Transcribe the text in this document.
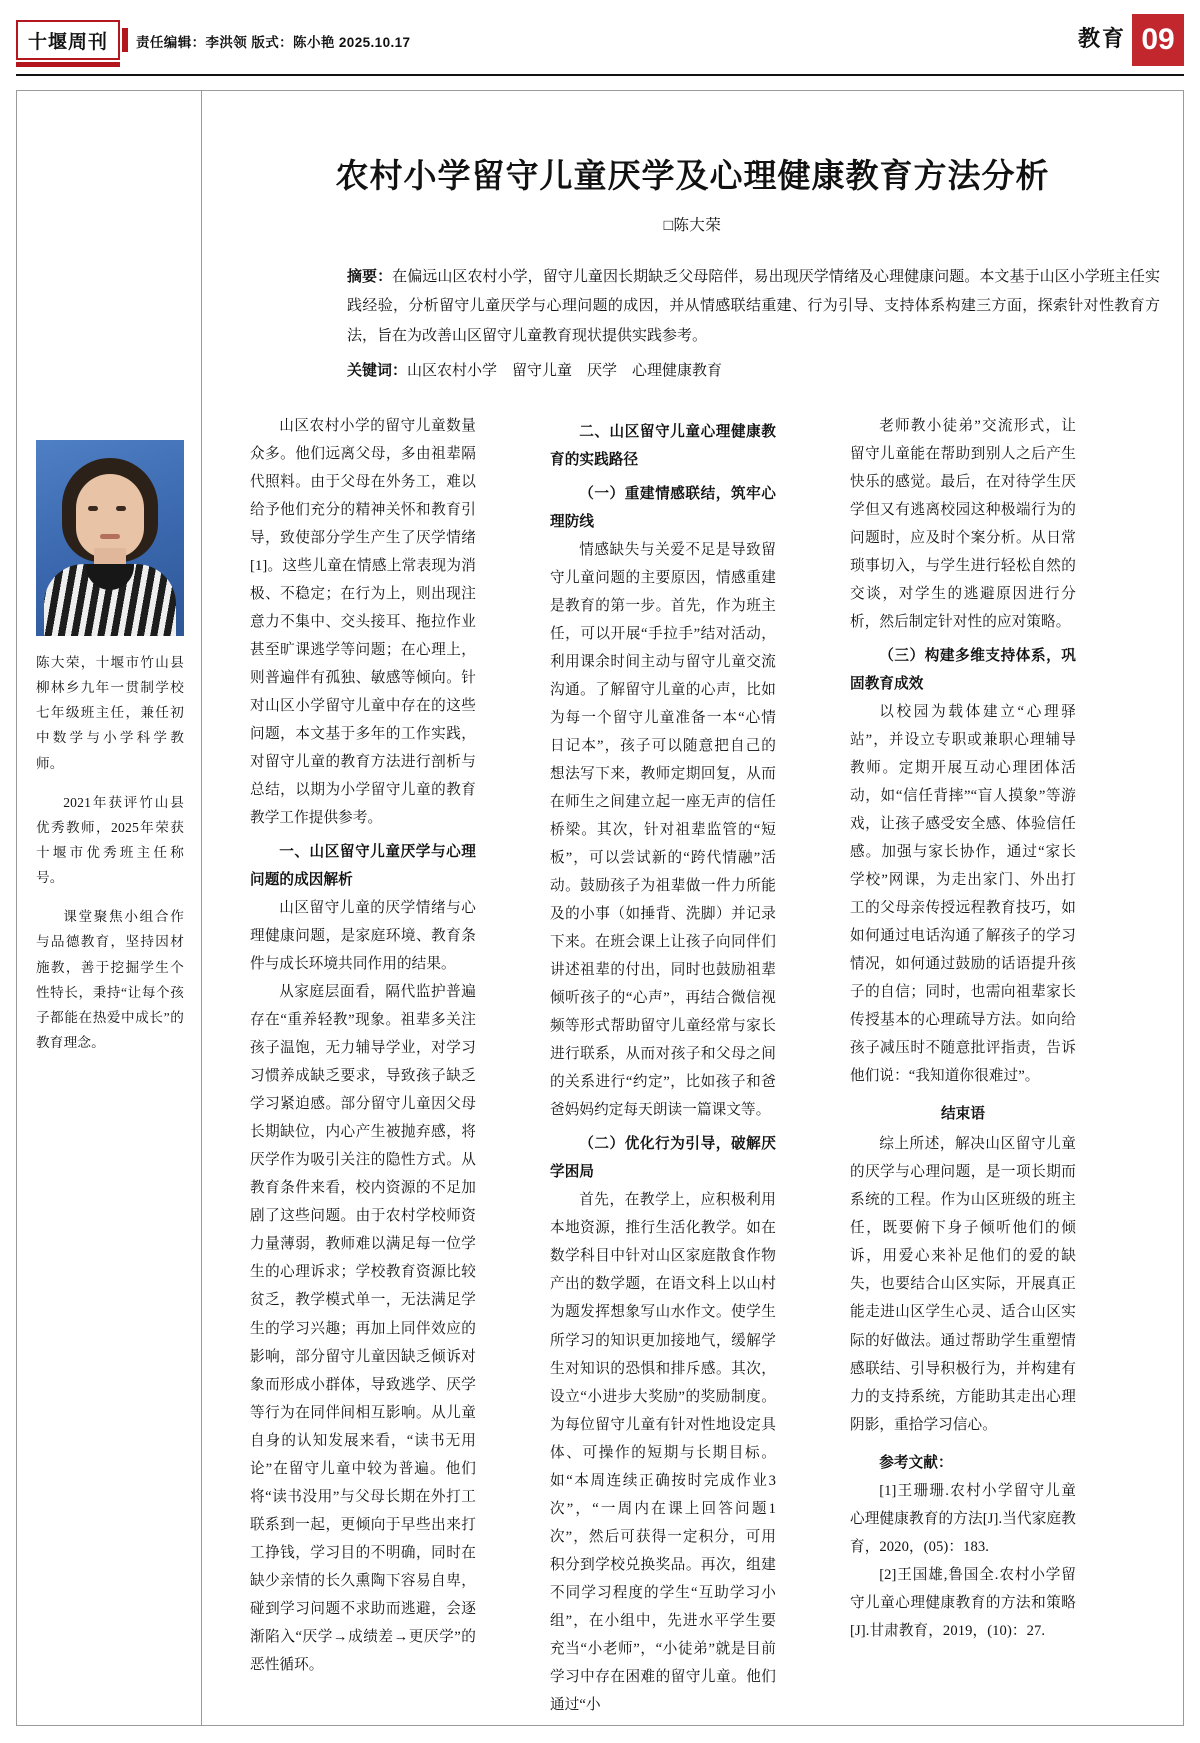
十堰周刊 责任编辑：李洪领 版式：陈小艳 2025.10.17	教育 09

陈大荣，十堰市竹山县柳林乡九年一贯制学校七年级班主任，兼任初中数学与小学科学教师。

2021年获评竹山县优秀教师，2025年荣获十堰市优秀班主任称号。

课堂聚焦小组合作与品德教育，坚持因材施教，善于挖掘学生个性特长，秉持“让每个孩子都能在热爱中成长”的教育理念。

农村小学留守儿童厌学及心理健康教育方法分析
□陈大荣
摘要：在偏远山区农村小学，留守儿童因长期缺乏父母陪伴，易出现厌学情绪及心理健康问题。本文基于山区小学班主任实践经验，分析留守儿童厌学与心理问题的成因，并从情感联结重建、行为引导、支持体系构建三方面，探索针对性教育方法，旨在为改善山区留守儿童教育现状提供实践参考。
关键词：山区农村小学　留守儿童　厌学　心理健康教育

山区农村小学的留守儿童数量众多。他们远离父母，多由祖辈隔代照料。由于父母在外务工，难以给予他们充分的精神关怀和教育引导，致使部分学生产生了厌学情绪[1]。这些儿童在情感上常表现为消极、不稳定；在行为上，则出现注意力不集中、交头接耳、拖拉作业甚至旷课逃学等问题；在心理上，则普遍伴有孤独、敏感等倾向。针对山区小学留守儿童中存在的这些问题，本文基于多年的工作实践，对留守儿童的教育方法进行剖析与总结，以期为小学留守儿童的教育教学工作提供参考。

一、山区留守儿童厌学与心理问题的成因解析

山区留守儿童的厌学情绪与心理健康问题，是家庭环境、教育条件与成长环境共同作用的结果。

从家庭层面看，隔代监护普遍存在“重养轻教”现象。祖辈多关注孩子温饱，无力辅导学业，对学习习惯养成缺乏要求，导致孩子缺乏学习紧迫感。部分留守儿童因父母长期缺位，内心产生被抛弃感，将厌学作为吸引关注的隐性方式。从教育条件来看，校内资源的不足加剧了这些问题。由于农村学校师资力量薄弱，教师难以满足每一位学生的心理诉求；学校教育资源比较贫乏，教学模式单一，无法满足学生的学习兴趣；再加上同伴效应的影响，部分留守儿童因缺乏倾诉对象而形成小群体，导致逃学、厌学等行为在同伴间相互影响。从儿童自身的认知发展来看，“读书无用论”在留守儿童中较为普遍。他们将“读书没用”与父母长期在外打工联系到一起，更倾向于早些出来打工挣钱，学习目的不明确，同时在缺少亲情的长久熏陶下容易自卑，碰到学习问题不求助而逃避，会逐渐陷入“厌学→成绩差→更厌学”的恶性循环。

二、山区留守儿童心理健康教育的实践路径

（一）重建情感联结，筑牢心理防线

情感缺失与关爱不足是导致留守儿童问题的主要原因，情感重建是教育的第一步。首先，作为班主任，可以开展“手拉手”结对活动，利用课余时间主动与留守儿童交流沟通。了解留守儿童的心声，比如为每一个留守儿童准备一本“心情日记本”，孩子可以随意把自己的想法写下来，教师定期回复，从而在师生之间建立起一座无声的信任桥梁。其次，针对祖辈监管的“短板”，可以尝试新的“跨代情融”活动。鼓励孩子为祖辈做一件力所能及的小事（如捶背、洗脚）并记录下来。在班会课上让孩子向同伴们讲述祖辈的付出，同时也鼓励祖辈倾听孩子的“心声”，再结合微信视频等形式帮助留守儿童经常与家长进行联系，从而对孩子和父母之间的关系进行“约定”，比如孩子和爸爸妈妈约定每天朗读一篇课文等。

（二）优化行为引导，破解厌学困局

首先，在教学上，应积极利用本地资源，推行生活化教学。如在数学科目中针对山区家庭散食作物产出的数学题，在语文科上以山村为题发挥想象写山水作文。使学生所学习的知识更加接地气，缓解学生对知识的恐惧和排斥感。其次，设立“小进步大奖励”的奖励制度。为每位留守儿童有针对性地设定具体、可操作的短期与长期目标。如“本周连续正确按时完成作业3次”，“一周内在课上回答问题1次”，然后可获得一定积分，可用积分到学校兑换奖品。再次，组建不同学习程度的学生“互助学习小组”，在小组中，先进水平学生要充当“小老师”，“小徒弟”就是目前学习中存在困难的留守儿童。他们通过“小

老师教小徒弟”交流形式，让留守儿童能在帮助到别人之后产生快乐的感觉。最后，在对待学生厌学但又有逃离校园这种极端行为的问题时，应及时个案分析。从日常琐事切入，与学生进行轻松自然的交谈，对学生的逃避原因进行分析，然后制定针对性的应对策略。

（三）构建多维支持体系，巩固教育成效

以校园为载体建立“心理驿站”，并设立专职或兼职心理辅导教师。定期开展互动心理团体活动，如“信任背摔”“盲人摸象”等游戏，让孩子感受安全感、体验信任感。加强与家长协作，通过“家长学校”网课，为走出家门、外出打工的父母亲传授远程教育技巧，如如何通过电话沟通了解孩子的学习情况，如何通过鼓励的话语提升孩子的自信；同时，也需向祖辈家长传授基本的心理疏导方法。如向给孩子减压时不随意批评指责，告诉他们说：“我知道你很难过”。

结束语

综上所述，解决山区留守儿童的厌学与心理问题，是一项长期而系统的工程。作为山区班级的班主任，既要俯下身子倾听他们的倾诉，用爱心来补足他们的爱的缺失，也要结合山区实际，开展真正能走进山区学生心灵、适合山区实际的好做法。通过帮助学生重塑情感联结、引导积极行为，并构建有力的支持系统，方能助其走出心理阴影，重拾学习信心。

参考文献：

[1]王珊珊.农村小学留守儿童心理健康教育的方法[J].当代家庭教育，2020，(05)：183.

[2]王国雄,鲁国全.农村小学留守儿童心理健康教育的方法和策略[J].甘肃教育，2019，(10)：27.
